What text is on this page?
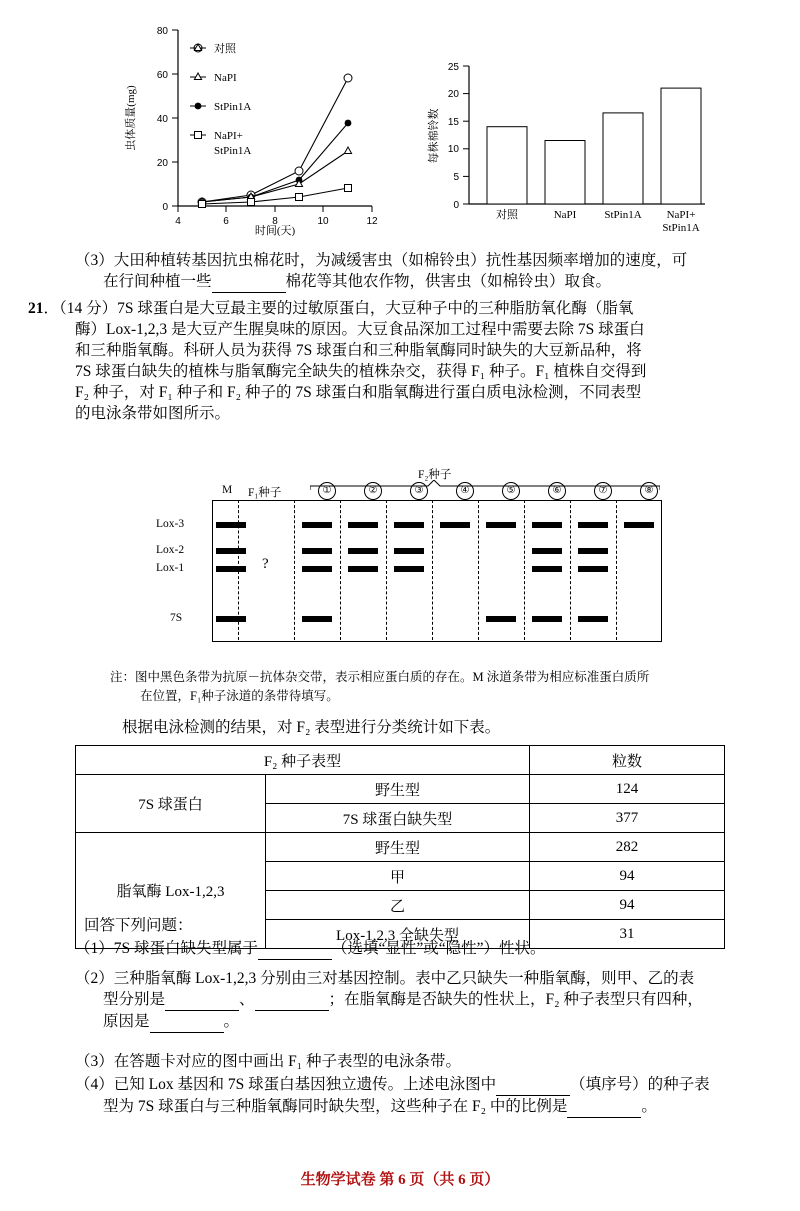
0
20
40
60
80
4	6	8	10	12
虫体质量(mg)
时间(天)
对照
NaPI
StPin1A
NaPI+
StPin1A
0
5
10
15
20
25
每株棉铃数
对照	NaPI	StPin1A NaPI+
StPin1A
（3）大田种植转基因抗虫棉花时，为减缓害虫（如棉铃虫）抗性基因频率增加的速度，可
在行间种植一些	棉花等其他农作物，供害虫（如棉铃虫）取食。
21．（14 分）7S 球蛋白是大豆最主要的过敏原蛋白，大豆种子中的三种脂肪氧化酶（脂氧
酶）Lox-1,2,3 是大豆产生腥臭味的原因。大豆食品深加工过程中需要去除 7S 球蛋白
和三种脂氧酶。科研人员为获得 7S 球蛋白和三种脂氧酶同时缺失的大豆新品种，将
7S 球蛋白缺失的植株与脂氧酶完全缺失的植株杂交，获得 F₁ 种子。F₁ 植株自交得到
F₂ 种子，对 F₁ 种子和 F₂ 种子的 7S 球蛋白和脂氧酶进行蛋白质电泳检测，不同表型
的电泳条带如图所示。
F₂种子
M F₁种子	①	②	③	④	⑤	⑥	⑦	⑧
Lox-3
Lox-2
Lox-1
7S
?
注：图中黑色条带为抗原－抗体杂交带，表示相应蛋白质的存在。M 泳道条带为相应标准蛋白质所
在位置，F₁种子泳道的条带待填写。
根据电泳检测的结果，对 F₂ 表型进行分类统计如下表。
F₂ 种子表型		粒数
7S 球蛋白	野生型	124
	7S 球蛋白缺失型	377
脂氧酶 Lox-1,2,3	野生型	282
	甲	94
	乙	94
	Lox-1,2,3 全缺失型	31
回答下列问题：
（1）7S 球蛋白缺失型属于	（选填“显性”或“隐性”）性状。
（2）三种脂氧酶 Lox-1,2,3 分别由三对基因控制。表中乙只缺失一种脂氧酶，则甲、乙的表
型分别是	、	；在脂氧酶是否缺失的性状上，F₂ 种子表型只有四种，
原因是	。
（3）在答题卡对应的图中画出 F₁ 种子表型的电泳条带。
（4）已知 Lox 基因和 7S 球蛋白基因独立遗传。上述电泳图中	（填序号）的种子表
型为 7S 球蛋白与三种脂氧酶同时缺失型，这些种子在 F₂ 中的比例是	。
生物学试卷 第 6 页（共 6 页）
